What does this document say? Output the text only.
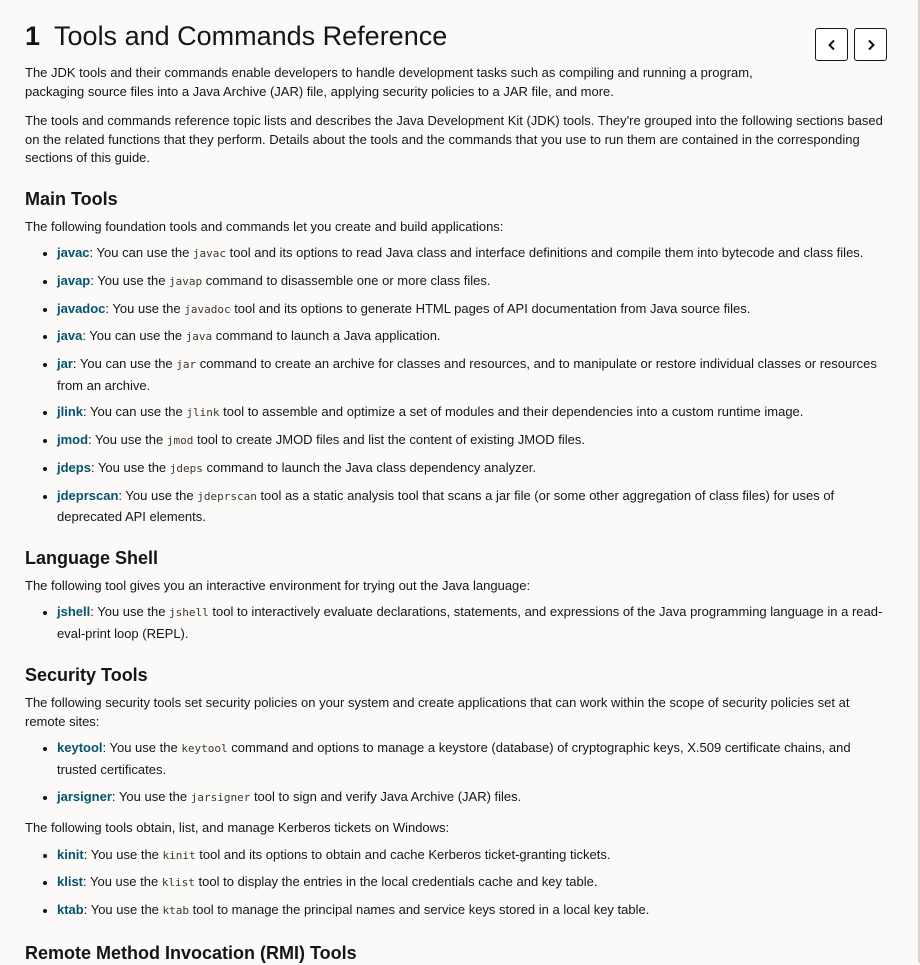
1 Tools and Commands Reference

The JDK tools and their commands enable developers to handle development tasks such as compiling and running a program, packaging source files into a Java Archive (JAR) file, applying security policies to a JAR file, and more.

The tools and commands reference topic lists and describes the Java Development Kit (JDK) tools. They're grouped into the following sections based on the related functions that they perform. Details about the tools and the commands that you use to run them are contained in the corresponding sections of this guide.

Main Tools

The following foundation tools and commands let you create and build applications:

javac: You can use the javac tool and its options to read Java class and interface definitions and compile them into bytecode and class files.
javap: You use the javap command to disassemble one or more class files.
javadoc: You use the javadoc tool and its options to generate HTML pages of API documentation from Java source files.
java: You can use the java command to launch a Java application.
jar: You can use the jar command to create an archive for classes and resources, and to manipulate or restore individual classes or resources from an archive.
jlink: You can use the jlink tool to assemble and optimize a set of modules and their dependencies into a custom runtime image.
jmod: You use the jmod tool to create JMOD files and list the content of existing JMOD files.
jdeps: You use the jdeps command to launch the Java class dependency analyzer.
jdeprscan: You use the jdeprscan tool as a static analysis tool that scans a jar file (or some other aggregation of class files) for uses of deprecated API elements.
Language Shell

The following tool gives you an interactive environment for trying out the Java language:

jshell: You use the jshell tool to interactively evaluate declarations, statements, and expressions of the Java programming language in a read-eval-print loop (REPL).
Security Tools

The following security tools set security policies on your system and create applications that can work within the scope of security policies set at remote sites:

keytool: You use the keytool command and options to manage a keystore (database) of cryptographic keys, X.509 certificate chains, and trusted certificates.
jarsigner: You use the jarsigner tool to sign and verify Java Archive (JAR) files.

The following tools obtain, list, and manage Kerberos tickets on Windows:

kinit: You use the kinit tool and its options to obtain and cache Kerberos ticket-granting tickets.
klist: You use the klist tool to display the entries in the local credentials cache and key table.
ktab: You use the ktab tool to manage the principal names and service keys stored in a local key table.
Remote Method Invocation (RMI) Tools
